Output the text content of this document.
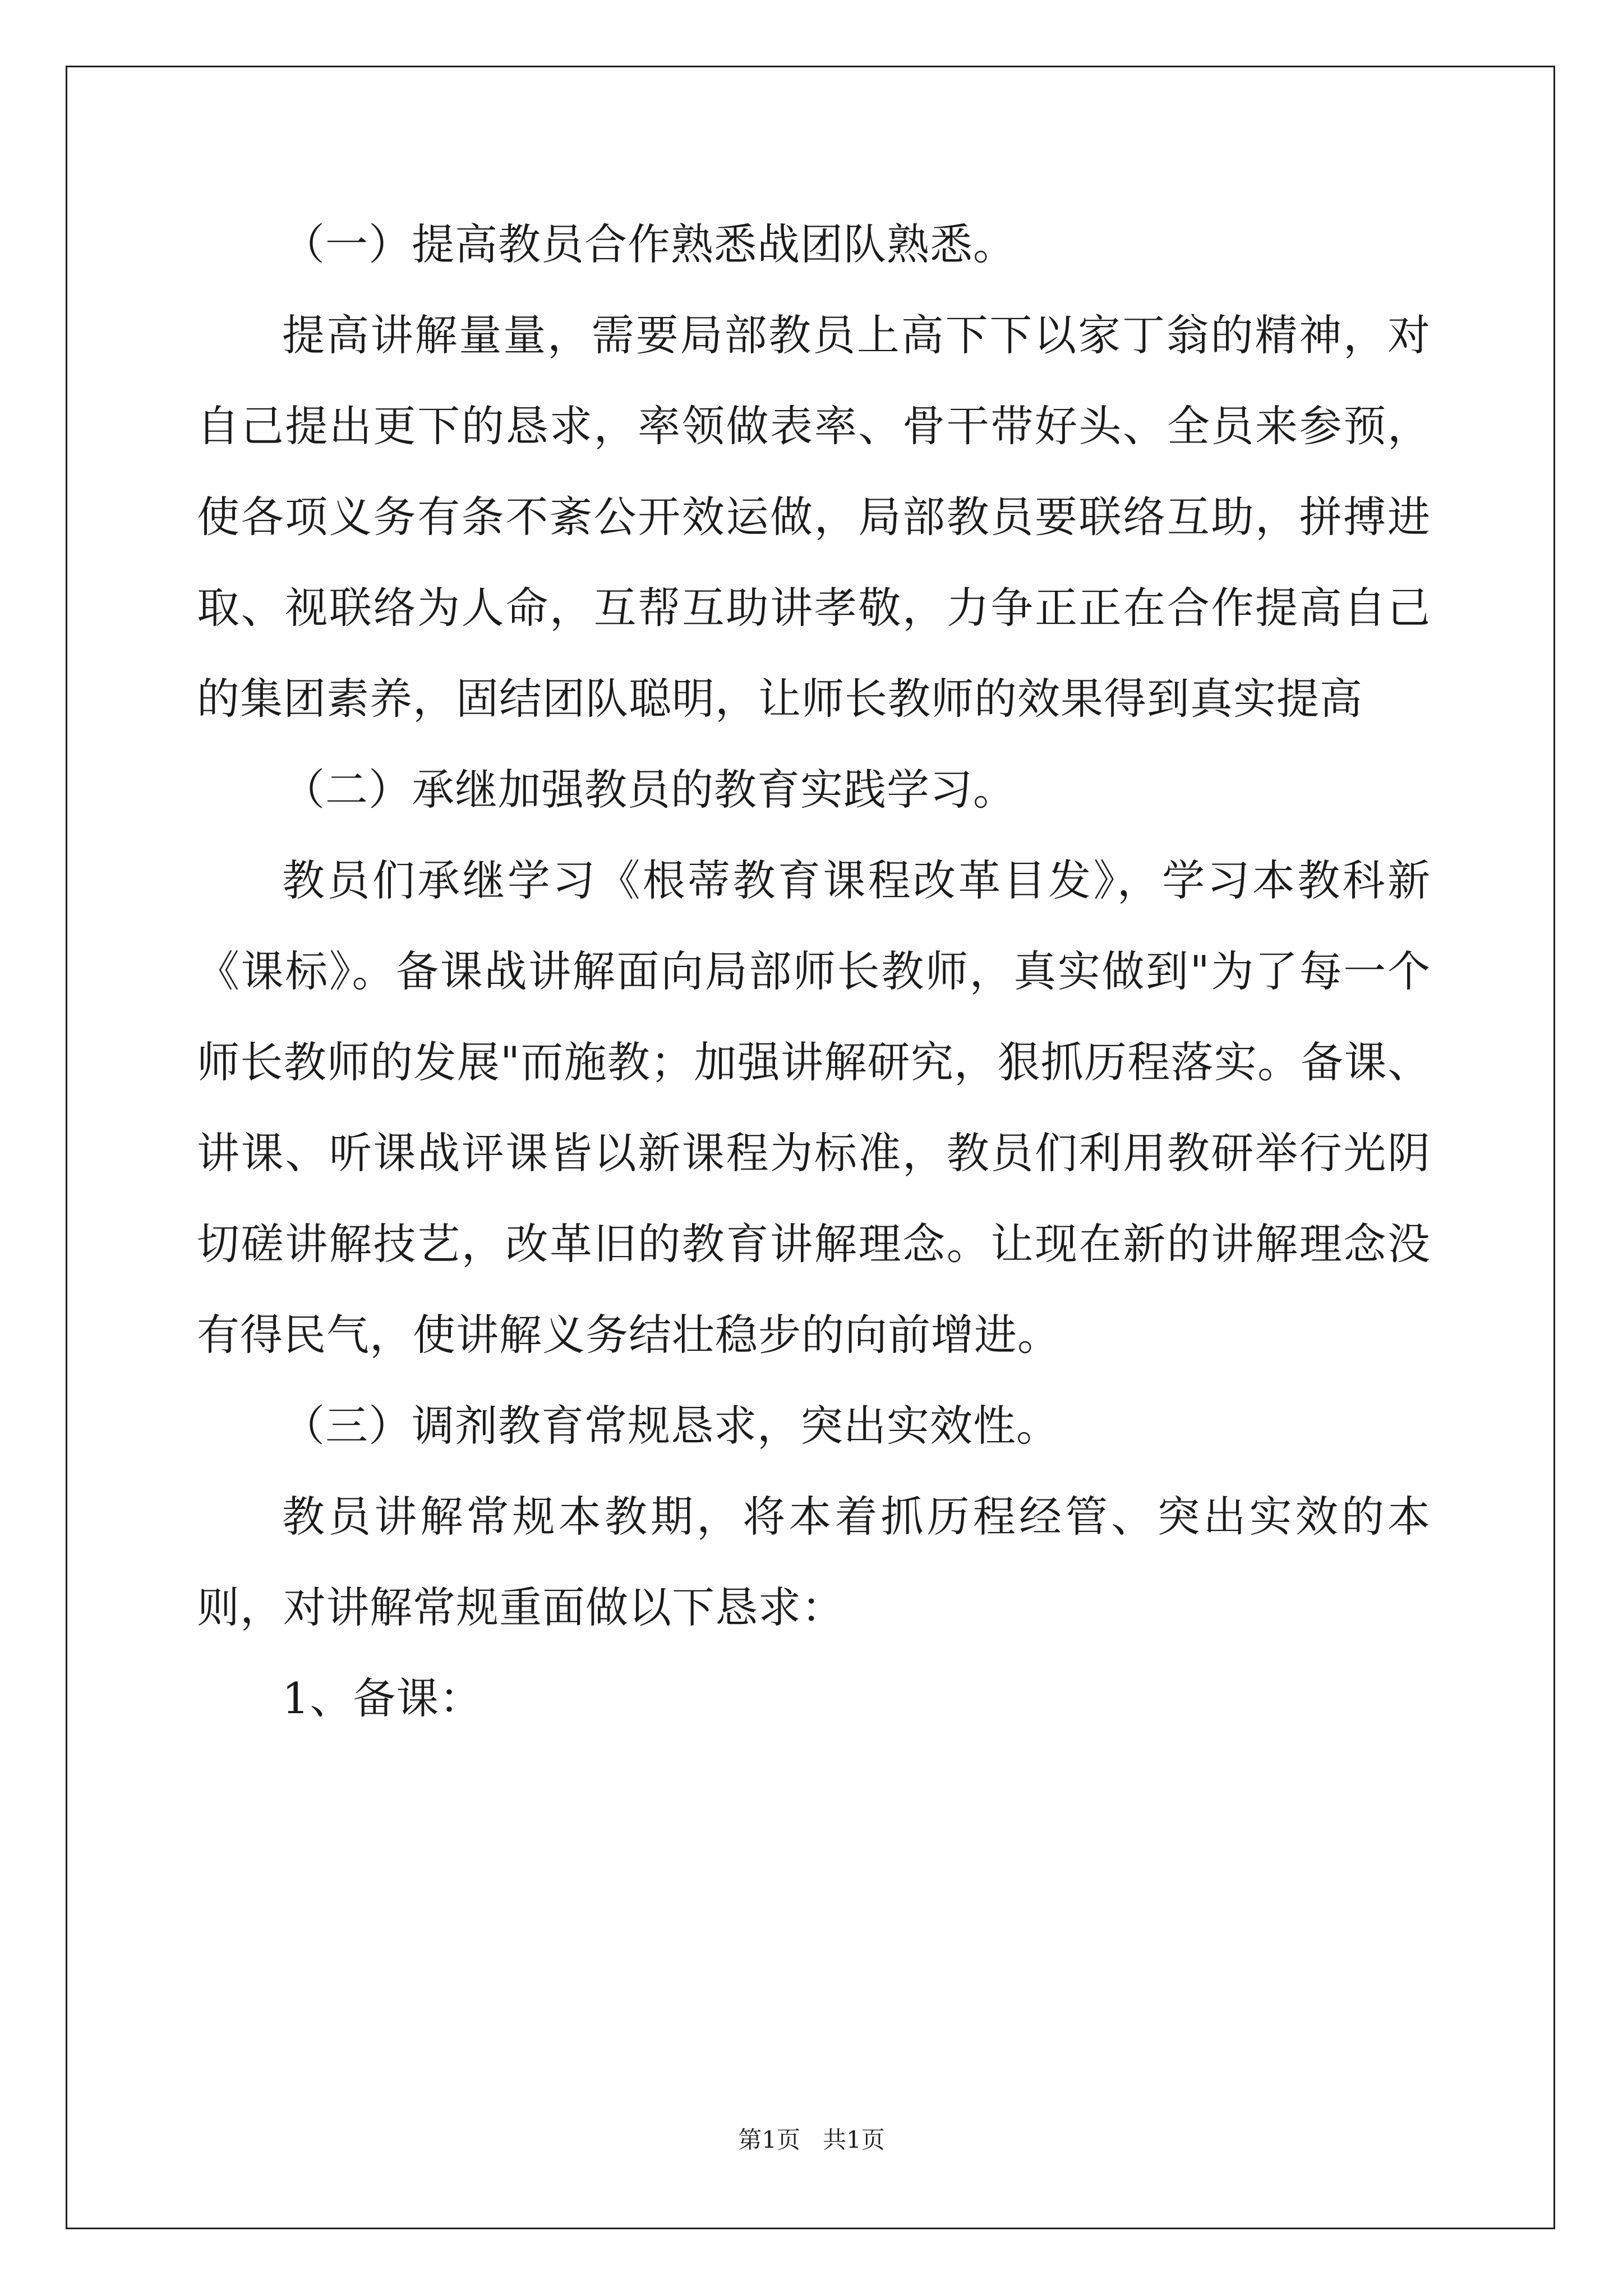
（一）提高教员合作熟悉战团队熟悉。

提高讲解量量，需要局部教员上高下下以家丁翁的精神，对自己提出更下的恳求，率领做表率、骨干带好头、全员来参预，使各项义务有条不紊公开效运做，局部教员要联络互助，拼搏进取、视联络为人命，互帮互助讲孝敬，力争正正在合作提高自己的集团素养，固结团队聪明，让师长教师的效果得到真实提高

（二）承继加强教员的教育实践学习。

教员们承继学习《根蒂教育课程改革目发》，学习本教科新《课标》。备课战讲解面向局部师长教师，真实做到"为了每一个师长教师的发展"而施教；加强讲解研究，狠抓历程落实。备课、讲课、听课战评课皆以新课程为标准，教员们利用教研举行光阴切磋讲解技艺，改革旧的教育讲解理念。让现在新的讲解理念没有得民气，使讲解义务结壮稳步的向前增进。

（三）调剂教育常规恳求，突出实效性。

教员讲解常规本教期，将本着抓历程经管、突出实效的本则，对讲解常规重面做以下恳求：

1、备课：

第1页   共1页
